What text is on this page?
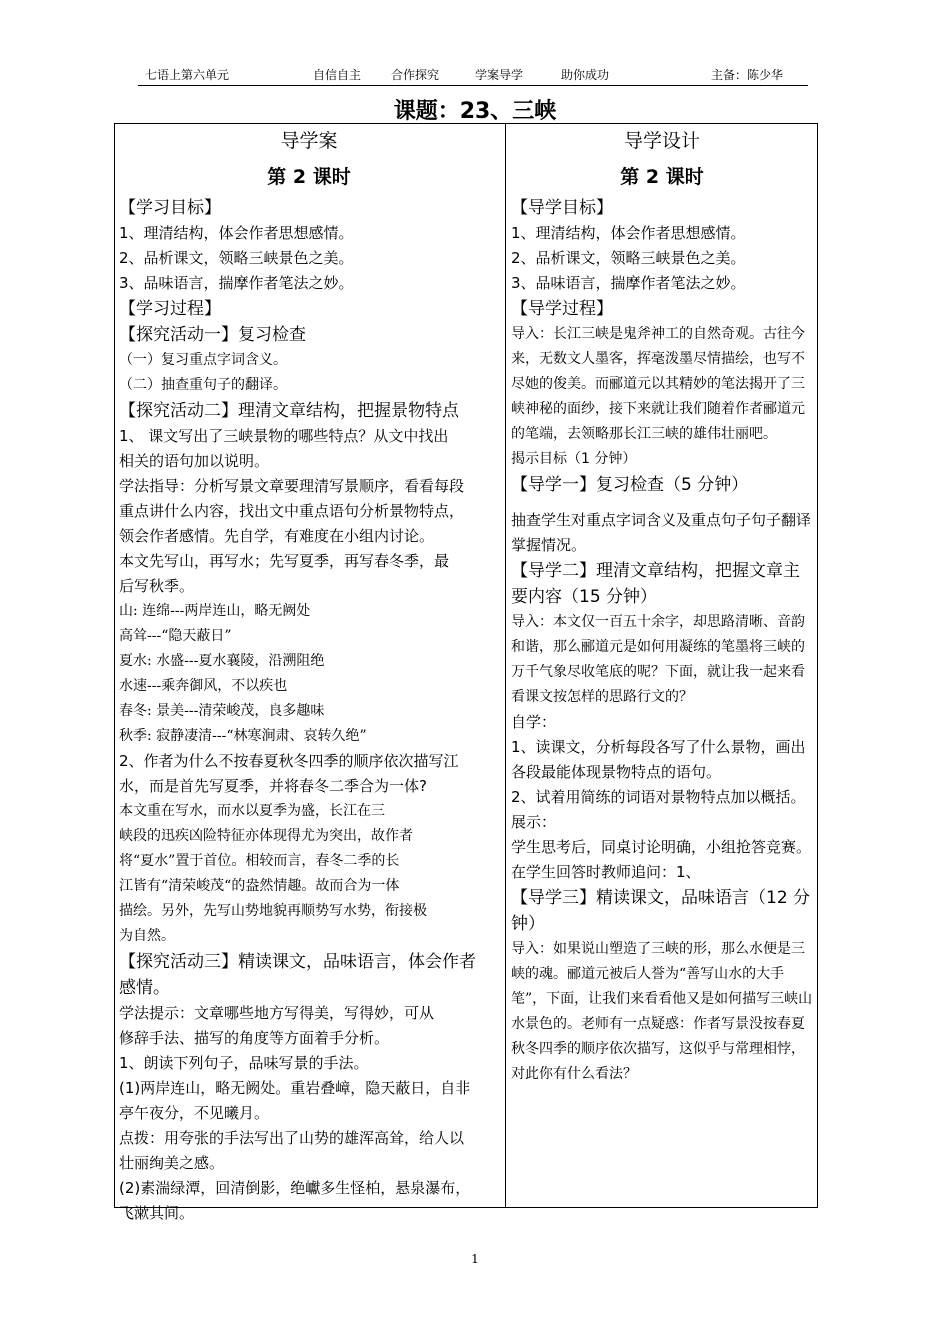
七语上第六单元	自信自主 合作探究	学案导学	助你成功	主备：陈少华
课题：23、三峡

导学案

第 2 课时

【学习目标】

1、理清结构，体会作者思想感情。

2、品析课文，领略三峡景色之美。

3、品味语言，揣摩作者笔法之妙。

【学习过程】

【探究活动一】复习检查

（一）复习重点字词含义。

（二）抽查重句子的翻译。

【探究活动二】理清文章结构，把握景物特点

1、 课文写出了三峡景物的哪些特点？从文中找出

相关的语句加以说明。

学法指导：分析写景文章要理清写景顺序，看看每段

重点讲什么内容，找出文中重点语句分析景物特点，

领会作者感情。先自学，有难度在小组内讨论。

本文先写山，再写水；先写夏季，再写春冬季，最

后写秋季。

山: 连绵---两岸连山，略无阙处

高耸---“隐天蔽日”

夏水: 水盛---夏水襄陵，沿溯阻绝

水速---乘奔御风，不以疾也

春冬: 景美---清荣峻茂，良多趣味

秋季: 寂静凄清---“林寒涧肃、哀转久绝”

2、作者为什么不按春夏秋冬四季的顺序依次描写江

水，而是首先写夏季，并将春冬二季合为一体?

本文重在写水，而水以夏季为盛，长江在三

峡段的迅疾凶险特征亦体现得尤为突出，故作者

将“夏水”置于首位。相较而言，春冬二季的长

江皆有“清荣峻茂“的盎然情趣。故而合为一体

描绘。另外，先写山势地貌再顺势写水势，衔接极

为自然。

【探究活动三】精读课文，品味语言，体会作者

感情。

学法提示：文章哪些地方写得美，写得妙，可从

修辞手法、描写的角度等方面着手分析。

1、朗读下列句子，品味写景的手法。

(1)两岸连山，略无阙处。重岩叠嶂，隐天蔽日，自非

亭午夜分，不见曦月。

点拨：用夸张的手法写出了山势的雄浑高耸，给人以

壮丽绚美之感。

(2)素湍绿潭，回清倒影，绝巘多生怪柏，悬泉瀑布，

飞漱其间。

导学设计

第 2 课时

【导学目标】

1、理清结构，体会作者思想感情。

2、品析课文，领略三峡景色之美。

3、品味语言，揣摩作者笔法之妙。

【导学过程】

导入：长江三峡是鬼斧神工的自然奇观。古往今来，无数文人墨客，挥毫泼墨尽情描绘，也写不尽她的俊美。而郦道元以其精妙的笔法揭开了三峡神秘的面纱，接下来就让我们随着作者郦道元的笔端，去领略那长江三峡的雄伟壮丽吧。

揭示目标（1 分钟）

【导学一】复习检查（5 分钟）

抽查学生对重点字词含义及重点句子句子翻译掌握情况。

【导学二】理清文章结构，把握文章主要内容（15 分钟）

导入：本文仅一百五十余字，却思路清晰、音韵和谐，那么郦道元是如何用凝练的笔墨将三峡的万千气象尽收笔底的呢？下面，就让我一起来看看课文按怎样的思路行文的？

自学：

1、读课文，分析每段各写了什么景物，画出各段最能体现景物特点的语句。

2、试着用简练的词语对景物特点加以概括。

展示：

学生思考后，同桌讨论明确，小组抢答竞赛。

在学生回答时教师追问：1、

【导学三】精读课文，品味语言（12 分钟）

导入：如果说山塑造了三峡的形，那么水便是三峡的魂。郦道元被后人誉为“善写山水的大手笔”，下面，让我们来看看他又是如何描写三峡山水景色的。老师有一点疑惑：作者写景没按春夏秋冬四季的顺序依次描写，这似乎与常理相悖，对此你有什么看法？

1
